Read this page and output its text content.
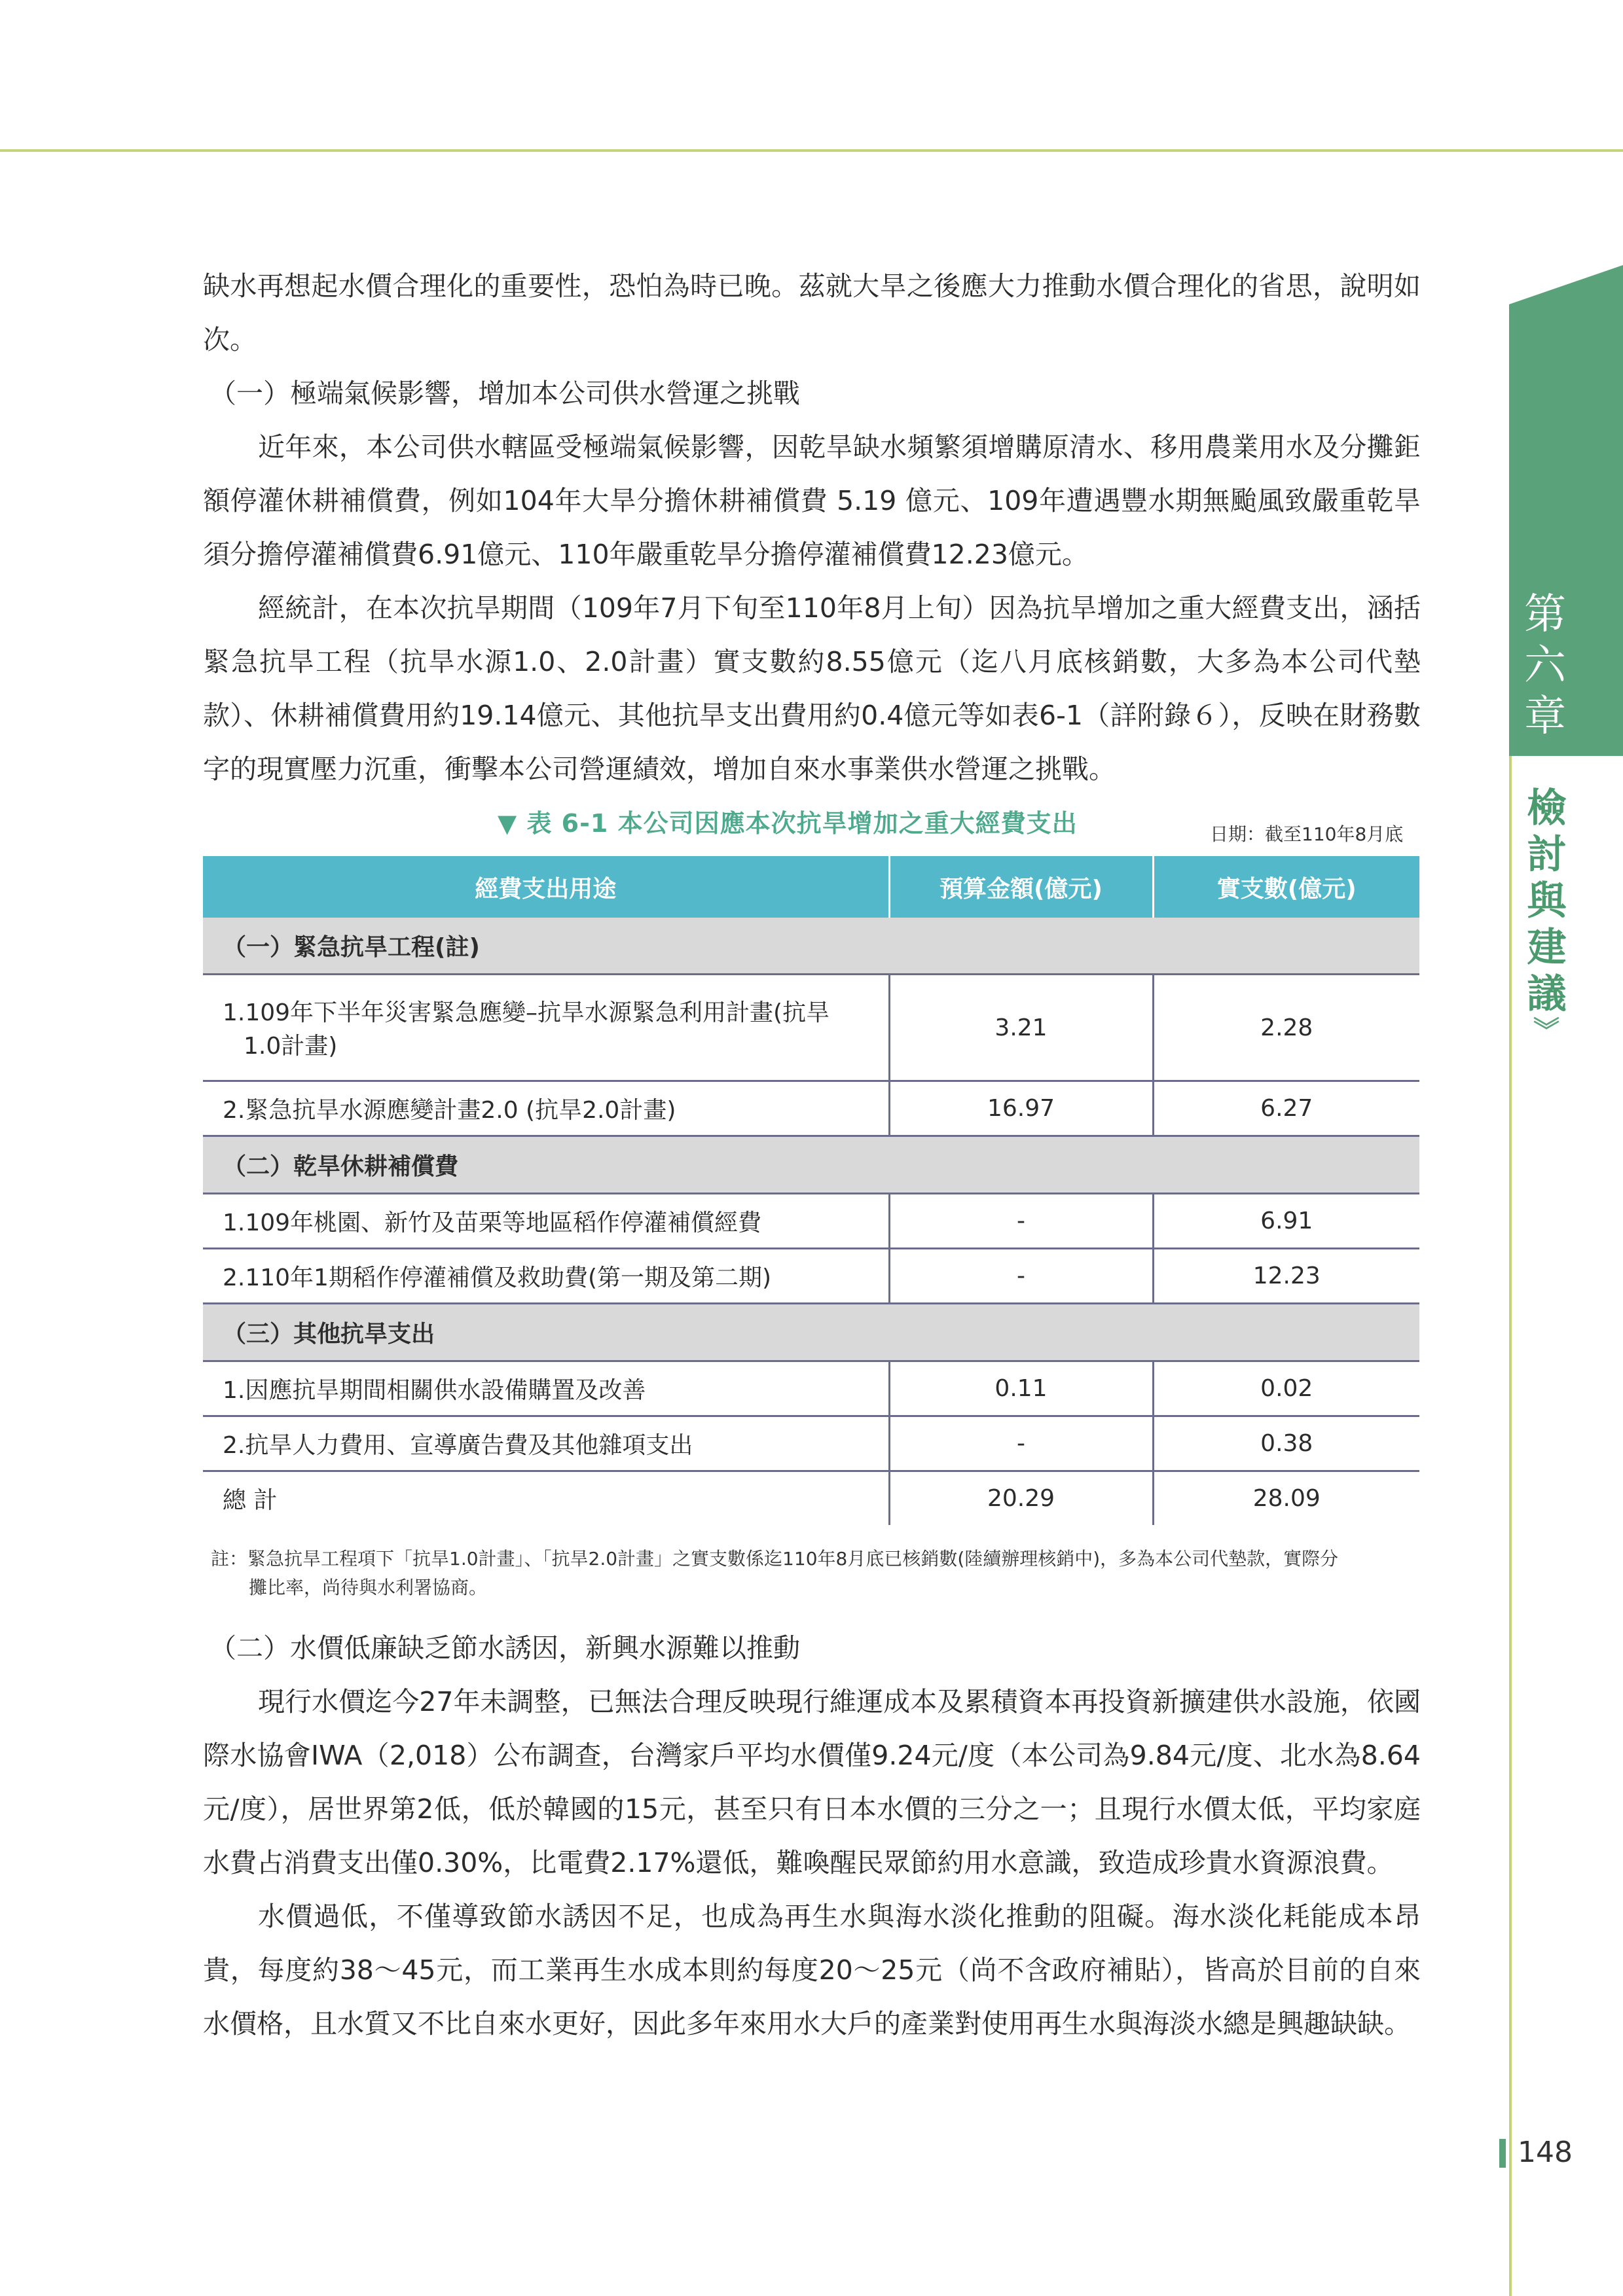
第
六
章
檢
討
與
建
議
︾

缺水再想起水價合理化的重要性，恐怕為時已晚。茲就大旱之後應大力推動水價合理化的省思，說明如次。

（一）極端氣候影響，增加本公司供水營運之挑戰

近年來，本公司供水轄區受極端氣候影響，因乾旱缺水頻繁須增購原清水、移用農業用水及分攤鉅額停灌休耕補償費，例如104年大旱分擔休耕補償費 5.19 億元、109年遭遇豐水期無颱風致嚴重乾旱須分擔停灌補償費6.91億元、110年嚴重乾旱分擔停灌補償費12.23億元。

經統計，在本次抗旱期間（109年7月下旬至110年8月上旬）因為抗旱增加之重大經費支出，涵括緊急抗旱工程（抗旱水源1.0、2.0計畫）實支數約8.55億元（迄八月底核銷數，大多為本公司代墊款）、休耕補償費用約19.14億元、其他抗旱支出費用約0.4億元等如表6-1（詳附錄６），反映在財務數字的現實壓力沉重，衝擊本公司營運績效，增加自來水事業供水營運之挑戰。

▼ 表 6-1 本公司因應本次抗旱增加之重大經費支出	日期：截至110年8月底
經費支出用途	預算金額(億元)	實支數(億元)
（一）緊急抗旱工程(註)		
1.109年下半年災害緊急應變–抗旱水源緊急利用計畫(抗旱
1.0計畫)	3.21	2.28
2.緊急抗旱水源應變計畫2.0 (抗旱2.0計畫)	16.97	6.27
（二）乾旱休耕補償費		
1.109年桃園、新竹及苗栗等地區稻作停灌補償經費	-	6.91
2.110年1期稻作停灌補償及救助費(第一期及第二期)	-	12.23
（三）其他抗旱支出		
1.因應抗旱期間相關供水設備購置及改善	0.11	0.02
2.抗旱人力費用、宣導廣告費及其他雜項支出	-	0.38
總 計	20.29	28.09
註：緊急抗旱工程項下「抗旱1.0計畫」、「抗旱2.0計畫」之實支數係迄110年8月底已核銷數(陸續辦理核銷中)，多為本公司代墊款，實際分
攤比率，尚待與水利署協商。

（二）水價低廉缺乏節水誘因，新興水源難以推動

現行水價迄今27年未調整，已無法合理反映現行維運成本及累積資本再投資新擴建供水設施，依國際水協會IWA（2,018）公布調查，台灣家戶平均水價僅9.24元/度（本公司為9.84元/度、北水為8.64元/度），居世界第2低，低於韓國的15元，甚至只有日本水價的三分之一；且現行水價太低，平均家庭水費占消費支出僅0.30%，比電費2.17%還低，難喚醒民眾節約用水意識，致造成珍貴水資源浪費。

水價過低，不僅導致節水誘因不足，也成為再生水與海水淡化推動的阻礙。海水淡化耗能成本昂貴，每度約38～45元，而工業再生水成本則約每度20～25元（尚不含政府補貼），皆高於目前的自來水價格，且水質又不比自來水更好，因此多年來用水大戶的產業對使用再生水與海淡水總是興趣缺缺。

148
